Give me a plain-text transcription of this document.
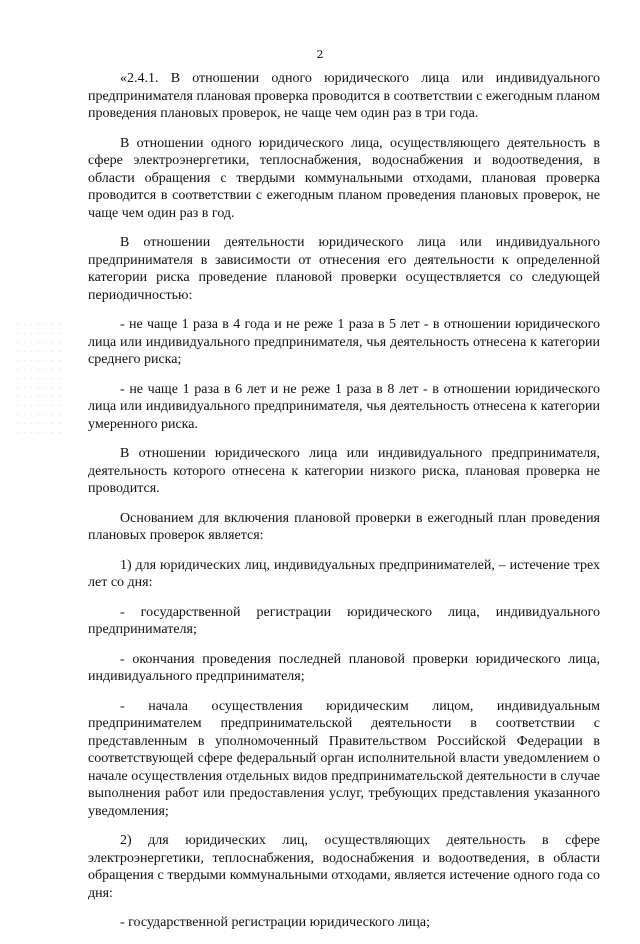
2

«2.4.1. В отношении одного юридического лица или индивидуального предпринимателя плановая проверка проводится в соответствии с ежегодным планом проведения плановых проверок, не чаще чем один раз в три года.

В отношении одного юридического лица, осуществляющего деятельность в сфере электроэнергетики, теплоснабжения, водоснабжения и водоотведения, в области обращения с твердыми коммунальными отходами, плановая проверка проводится в соответствии с ежегодным планом проведения плановых проверок, не чаще чем один раз в год.

В отношении деятельности юридического лица или индивидуального предпринимателя в зависимости от отнесения его деятельности к определенной категории риска проведение плановой проверки осуществляется со следующей периодичностью:

- не чаще 1 раза в 4 года и не реже 1 раза в 5 лет - в отношении юридического лица или индивидуального предпринимателя, чья деятельность отнесена к категории среднего риска;

- не чаще 1 раза в 6 лет и не реже 1 раза в 8 лет - в отношении юридического лица или индивидуального предпринимателя, чья деятельность отнесена к категории умеренного риска.

В отношении юридического лица или индивидуального предпринимателя, деятельность которого отнесена к категории низкого риска, плановая проверка не проводится.

Основанием для включения плановой проверки в ежегодный план проведения плановых проверок является:

1) для юридических лиц, индивидуальных предпринимателей, – истечение трех лет со дня:

- государственной регистрации юридического лица, индивидуального предпринимателя;

- окончания проведения последней плановой проверки юридического лица, индивидуального предпринимателя;

- начала осуществления юридическим лицом, индивидуальным предпринимателем предпринимательской деятельности в соответствии с представленным в уполномоченный Правительством Российской Федерации в соответствующей сфере федеральный орган исполнительной власти уведомлением о начале осуществления отдельных видов предпринимательской деятельности в случае выполнения работ или предоставления услуг, требующих представления указанного уведомления;

2) для юридических лиц, осуществляющих деятельность в сфере электроэнергетики, теплоснабжения, водоснабжения и водоотведения, в области обращения с твердыми коммунальными отходами, является истечение одного года со дня:

- государственной регистрации юридического лица;
